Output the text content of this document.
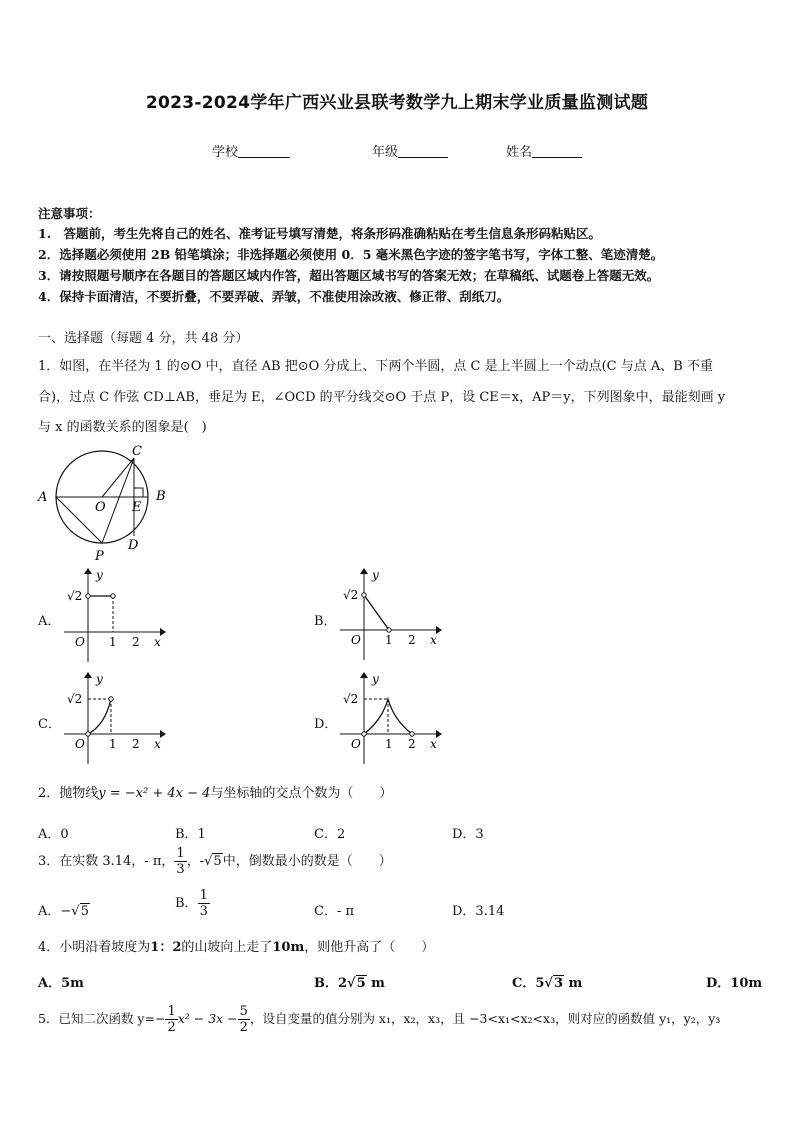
2023-2024学年广西兴业县联考数学九上期末学业质量监测试题
学校	年级	姓名
注意事项：
1.　答题前，考生先将自己的姓名、准考证号填写清楚，将条形码准确粘贴在考生信息条形码粘贴区。
2．选择题必须使用 2B 铅笔填涂；非选择题必须使用 0．5 毫米黑色字迹的签字笔书写，字体工整、笔迹清楚。
3．请按照题号顺序在各题目的答题区域内作答，超出答题区域书写的答案无效；在草稿纸、试题卷上答题无效。
4．保持卡面清洁，不要折叠，不要弄破、弄皱，不准使用涂改液、修正带、刮纸刀。
一、选择题（每题 4 分，共 48 分）
1．如图，在半径为 1 的⊙O 中，直径 AB 把⊙O 分成上、下两个半圆，点 C 是上半圆上一个动点(C 与点 A、B 不重
合)，过点 C 作弦 CD⊥AB，垂足为 E，∠OCD 的平分线交⊙O 于点 P，设 CE＝x，AP＝y，下列图象中，最能刻画 y
与 x 的函数关系的图象是(　)
A	B
C
D
O E
P
A．
y
x
O 1 2
√2
B．
y
x
O 1 2
√2
C．
y
x
O 1 2
√2
D．
y
x
O 1 2
√2
2．抛物线y = −x² + 4x − 4与坐标轴的交点个数为（　　）
A．0	B．1	C．2	D．3
3．在实数 3.14，- π， $\frac{1}{3}$ ，-√5中，倒数最小的数是（　　）
A．−√5
B． $\frac{1}{3}$	C．- π	D．3.14
4．小明沿着坡度为1：2的山坡向上走了10m，则他升高了（　　）
A．5m	B．2√5 m	C．5√3 m	D．10m
5．已知二次函数 $y=- \frac{1}{2} x^2 - 3x - \frac{5}{2}$ ，设自变量的值分别为 x₁，x₂，x₃，且 −3<x₁<x₂<x₃，则对应的函数值 y₁，y₂，y₃
